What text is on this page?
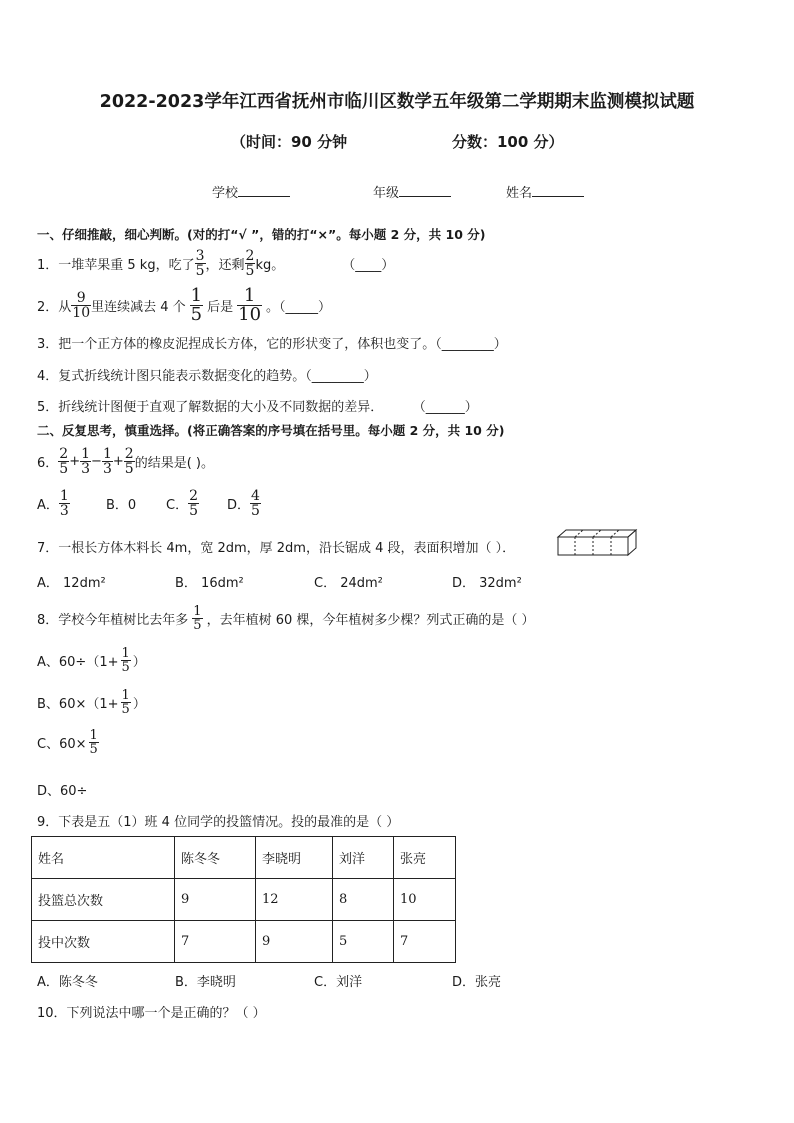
2022-2023学年江西省抚州市临川区数学五年级第二学期期末监测模拟试题
（时间：90 分钟	分数：100 分）
学校	年级	姓名
一、仔细推敲，细心判断。(对的打“√ ”，错的打“×”。每小题 2 分，共 10 分)
1．一堆苹果重 5 kg，吃了 $\frac{3}{5}$ ，还剩 $\frac{2}{5}$ kg。	（____）
2．从 $\frac{9}{10}$ 里连续减去 4 个 $\frac{1}{5}$ 后是 $\frac{1}{10}$ 。（_____）
3．把一个正方体的橡皮泥捏成长方体，它的形状变了，体积也变了。（________）
4．复式折线统计图只能表示数据变化的趋势。（________）
5．折线统计图便于直观了解数据的大小及不同数据的差异．	（______）
二、反复思考，慎重选择。(将正确答案的序号填在括号里。每小题 2 分，共 10 分)
6． $\frac{2}{5} + \frac{1}{3} - \frac{1}{3} + \frac{2}{5}$ 的结果是( )。
A． $\frac{1}{3}$	B．0 C． $\frac{2}{5}$ D． $\frac{4}{5}$
7．一根长方体木料长 4m，宽 2dm，厚 2dm，沿长锯成 4 段，表面积增加（ ）．
A． 12dm²	B． 16dm²	C． 24dm²	D． 32dm²
8．学校今年植树比去年多 $\frac{1}{5}$ ，去年植树 60 棵，今年植树多少棵？列式正确的是（ ）
A、$60\div(1+ \frac{1}{5}$ ）
B、$60\times(1+ \frac{1}{5}$ ）
C、$60\times \frac{1}{5}$
D、60÷
9．下表是五（1）班 4 位同学的投篮情况。投的最准的是（ ）
姓名	陈冬冬	李晓明	刘洋	张亮
投篮总次数	9	12	8	10
投中次数	7	9	5	7
A．陈冬冬	B．李晓明	C．刘洋	D．张亮
10．下列说法中哪一个是正确的？（ ）
